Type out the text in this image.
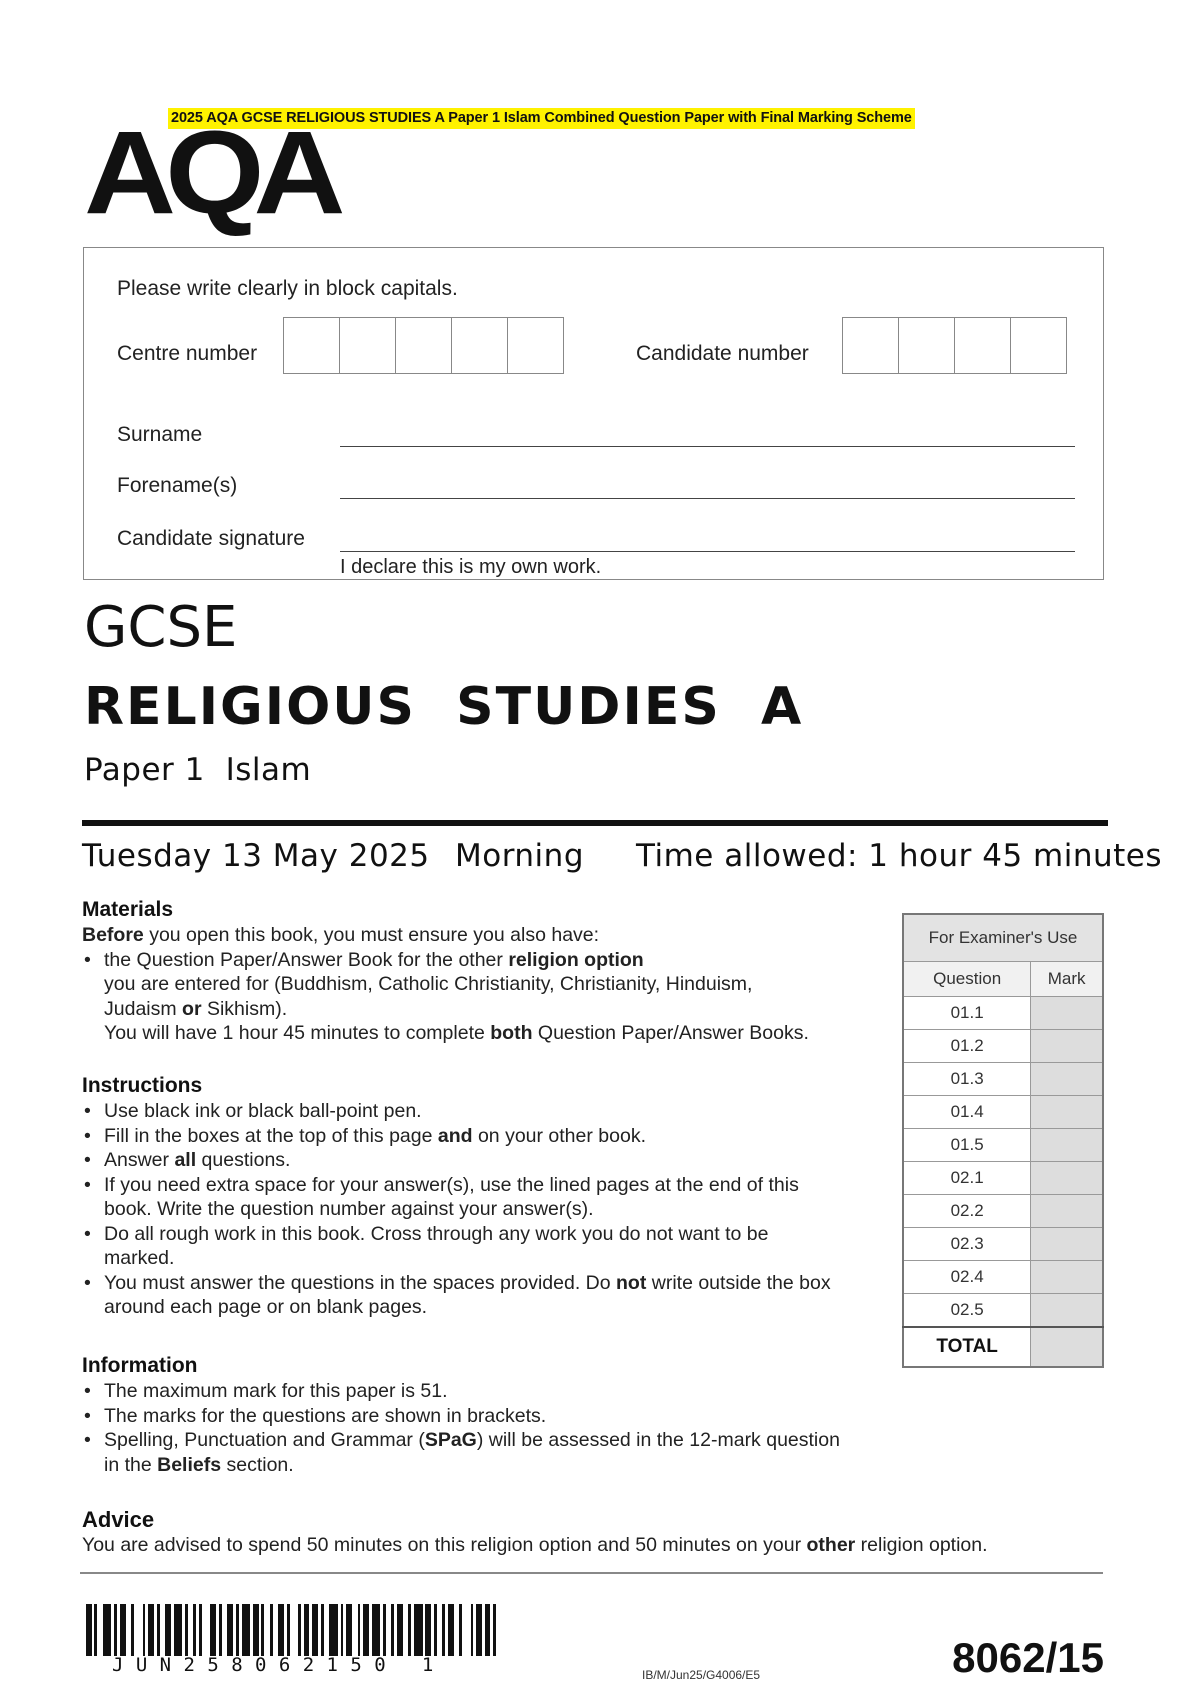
2025 AQA GCSE RELIGIOUS STUDIES A Paper 1 Islam Combined Question Paper with Final Marking Scheme
AQA
Please write clearly in block capitals.
Centre number	Candidate number
Surname
Forename(s)
Candidate signature
I declare this is my own work.
GCSE
RELIGIOUS  STUDIES  A
Paper 1  Islam
Tuesday 13 May 2025 Morning Time allowed: 1 hour 45 minutes
Materials
Before you open this book, you must ensure you also have:
• the Question Paper/Answer Book for the other religion option
you are entered for (Buddhism, Catholic Christianity, Christianity, Hinduism,
Judaism or Sikhism).
You will have 1 hour 45 minutes to complete both Question Paper/Answer Books.
Instructions
• Use black ink or black ball-point pen.
• Fill in the boxes at the top of this page and on your other book.
• Answer all questions.
• If you need extra space for your answer(s), use the lined pages at the end of this book. Write the question number against your answer(s).
• Do all rough work in this book. Cross through any work you do not want to be marked.
• You must answer the questions in the spaces provided. Do not write outside the box around each page or on blank pages.
Information
• The maximum mark for this paper is 51.
• The marks for the questions are shown in brackets.
• Spelling, Punctuation and Grammar (SPaG) will be assessed in the 12-mark question in the Beliefs section.
Advice
You are advised to spend 50 minutes on this religion option and 50 minutes on your other religion option.
For Examiner's Use	
Question	Mark
01.1	
01.2	
01.3	
01.4	
01.5	
02.1	
02.2	
02.3	
02.4	
02.5	
TOTAL	
JUN258062150 1	IB/M/Jun25/G4006/E5	8062/15
